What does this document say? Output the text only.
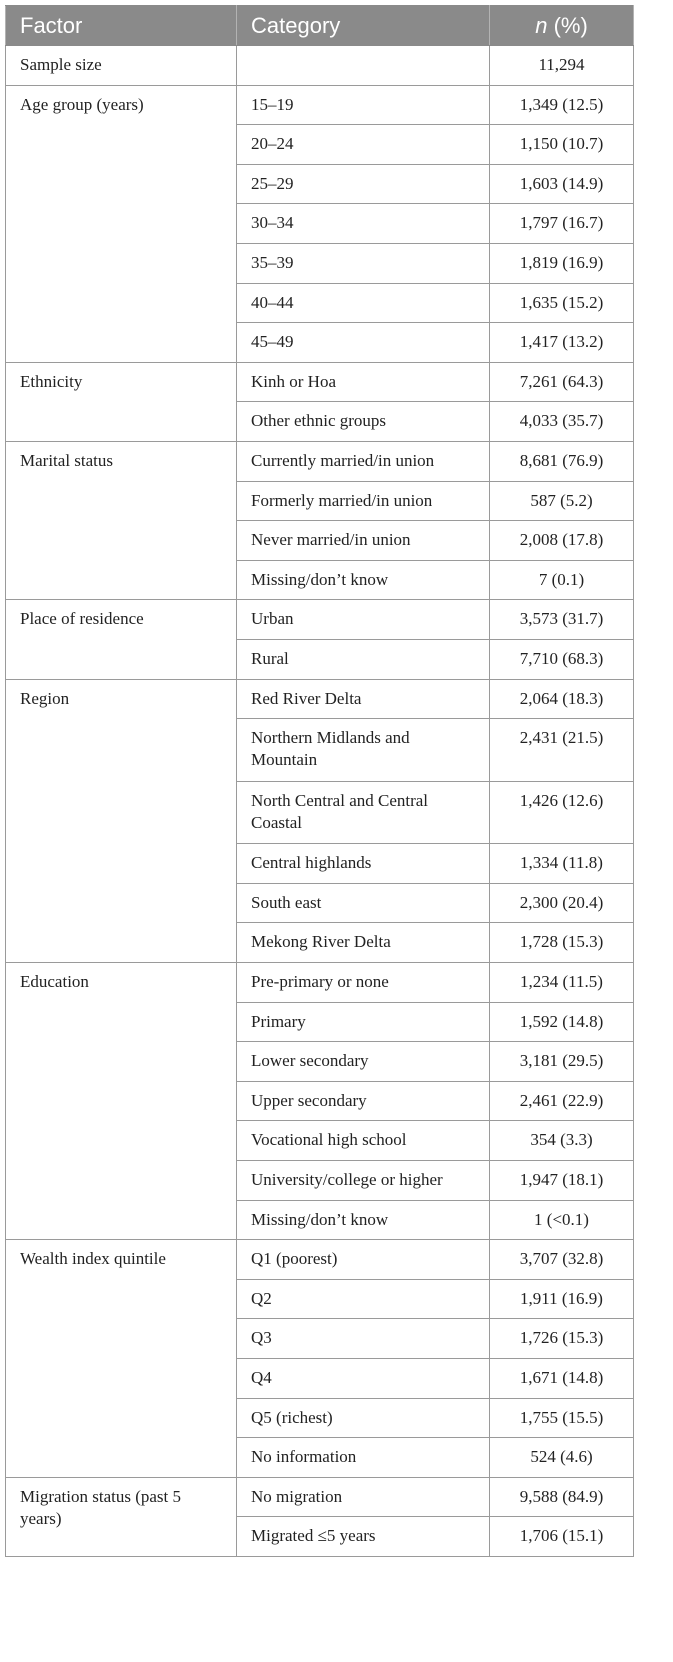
Factor	Category	n (%)
Sample size		11,294
Age group (years)	15–19	1,349 (12.5)
	20–24	1,150 (10.7)
	25–29	1,603 (14.9)
	30–34	1,797 (16.7)
	35–39	1,819 (16.9)
	40–44	1,635 (15.2)
	45–49	1,417 (13.2)
Ethnicity	Kinh or Hoa	7,261 (64.3)
	Other ethnic groups	4,033 (35.7)
Marital status	Currently married/in union	8,681 (76.9)
	Formerly married/in union	587 (5.2)
	Never married/in union	2,008 (17.8)
	Missing/don’t know	7 (0.1)
Place of residence	Urban	3,573 (31.7)
	Rural	7,710 (68.3)
Region	Red River Delta	2,064 (18.3)
	Northern Midlands and Mountain	2,431 (21.5)
	North Central and Central Coastal	1,426 (12.6)
	Central highlands	1,334 (11.8)
	South east	2,300 (20.4)
	Mekong River Delta	1,728 (15.3)
Education	Pre-primary or none	1,234 (11.5)
	Primary	1,592 (14.8)
	Lower secondary	3,181 (29.5)
	Upper secondary	2,461 (22.9)
	Vocational high school	354 (3.3)
	University/college or higher	1,947 (18.1)
	Missing/don’t know	1 (<0.1)
Wealth index quintile	Q1 (poorest)	3,707 (32.8)
	Q2	1,911 (16.9)
	Q3	1,726 (15.3)
	Q4	1,671 (14.8)
	Q5 (richest)	1,755 (15.5)
	No information	524 (4.6)
Migration status (past 5 years)	No migration	9,588 (84.9)
	Migrated ≤5 years	1,706 (15.1)
